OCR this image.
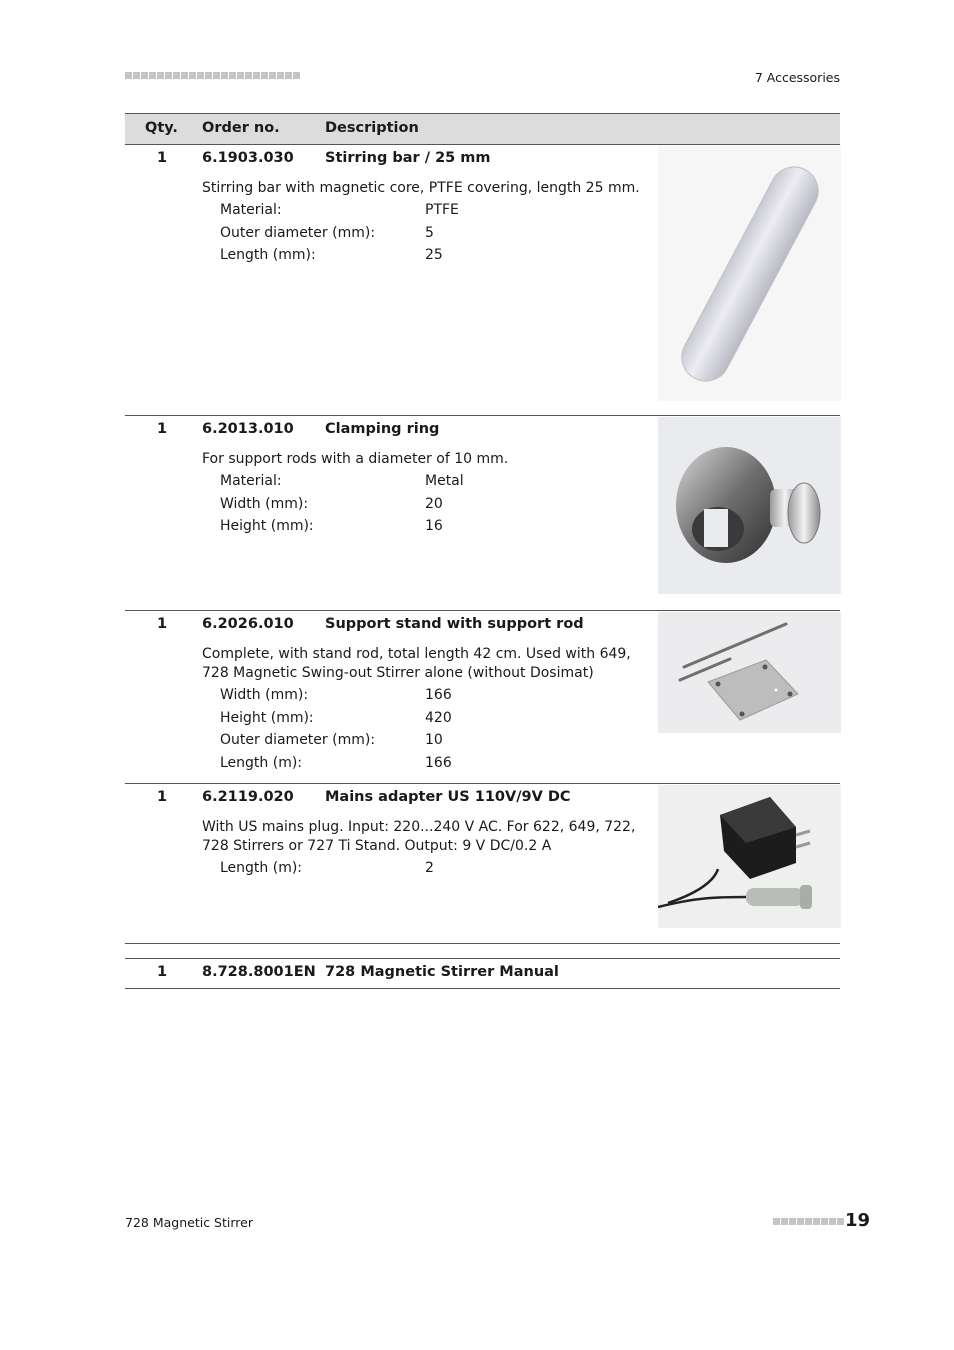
7 Accessories
Qty. Order no.	Description
1 6.1903.030 Stirring bar / 25 mm
Stirring bar with magnetic core, PTFE covering, length 25 mm.
Material:	PTFE
Outer diameter (mm):	5
Length (mm):	25
1 6.2013.010 Clamping ring
For support rods with a diameter of 10 mm.
Material:	Metal
Width (mm):	20
Height (mm):	16
1 6.2026.010 Support stand with support rod
Complete, with stand rod, total length 42 cm. Used with 649, 728 Magnetic Swing-out Stirrer alone (without Dosimat)
Width (mm):	166
Height (mm):	420
Outer diameter (mm):	10
Length (m):	166
1 6.2119.020 Mains adapter US 110V/9V DC
With US mains plug. Input: 220...240 V AC. For 622, 649, 722, 728 Stirrers or 727 Ti Stand. Output: 9 V DC/0.2 A
Length (m):	2
1 8.728.8001EN 728 Magnetic Stirrer Manual
728 Magnetic Stirrer	19
